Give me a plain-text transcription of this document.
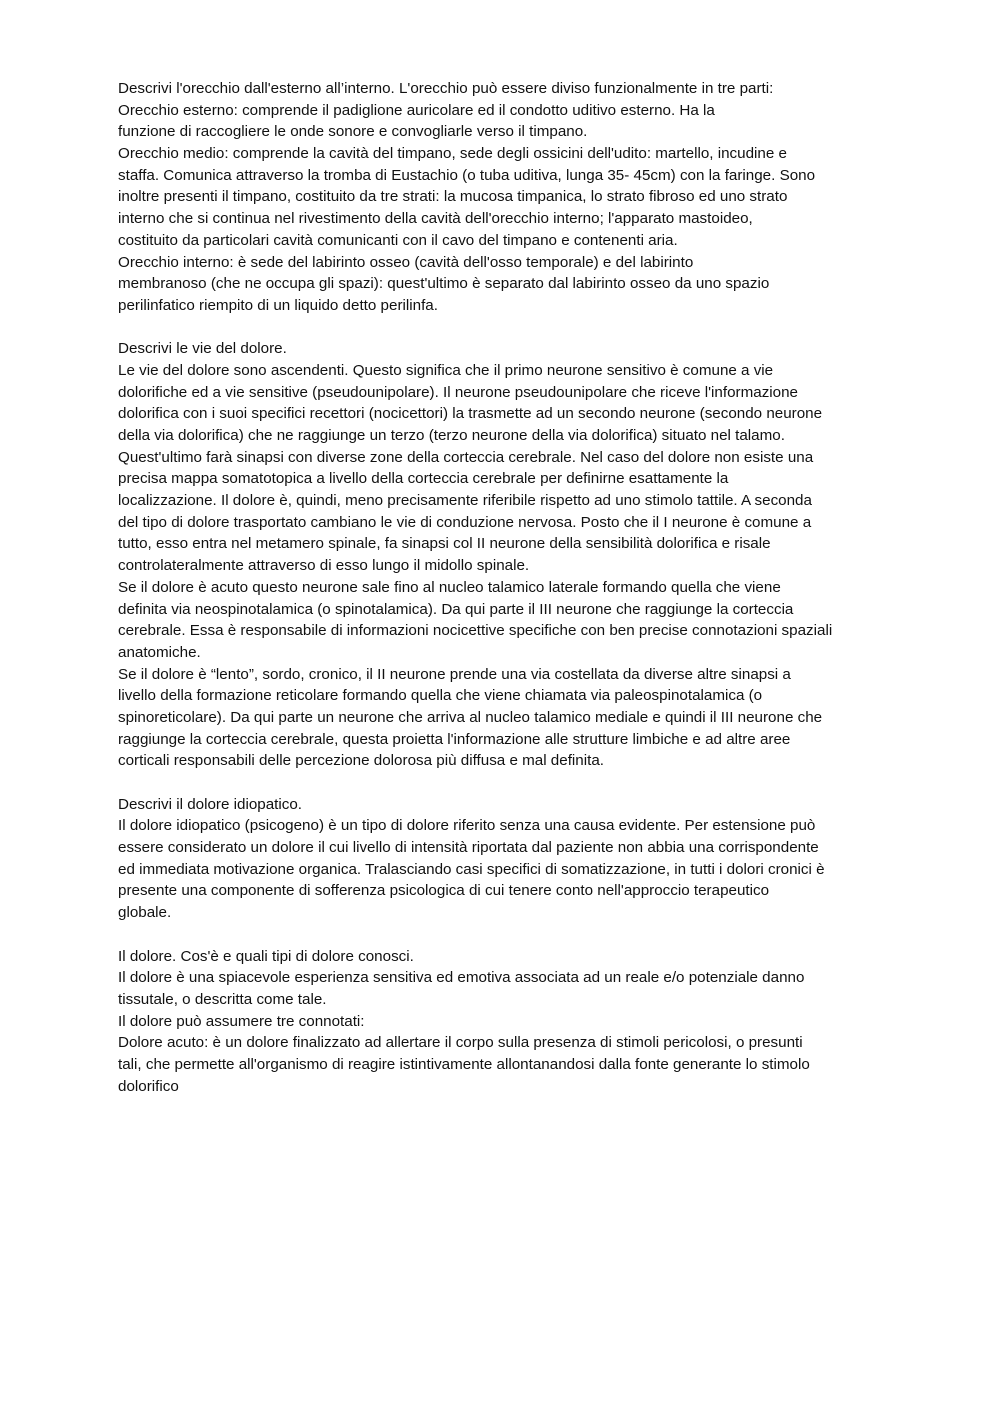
Descrivi l'orecchio dall'esterno all’interno. L'orecchio può essere diviso funzionalmente in tre parti:
Orecchio esterno: comprende il padiglione auricolare ed il condotto uditivo esterno. Ha la
funzione di raccogliere le onde sonore e convogliarle verso il timpano.
Orecchio medio: comprende la cavità del timpano, sede degli ossicini dell'udito: martello, incudine e
staffa. Comunica attraverso la tromba di Eustachio (o tuba uditiva, lunga 35- 45cm) con la faringe. Sono
inoltre presenti il timpano, costituito da tre strati: la mucosa timpanica, lo strato fibroso ed uno strato
interno che si continua nel rivestimento della cavità dell'orecchio interno; l'apparato mastoideo,
costituito da particolari cavità comunicanti con il cavo del timpano e contenenti aria.
Orecchio interno: è sede del labirinto osseo (cavità dell'osso temporale) e del labirinto
membranoso (che ne occupa gli spazi): quest'ultimo è separato dal labirinto osseo da uno spazio
perilinfatico riempito di un liquido detto perilinfa.
Descrivi le vie del dolore.
Le vie del dolore sono ascendenti. Questo significa che il primo neurone sensitivo è comune a vie
dolorifiche ed a vie sensitive (pseudounipolare). Il neurone pseudounipolare che riceve l'informazione
dolorifica con i suoi specifici recettori (nocicettori) la trasmette ad un secondo neurone (secondo neurone
della via dolorifica) che ne raggiunge un terzo (terzo neurone della via dolorifica) situato nel talamo.
Quest'ultimo farà sinapsi con diverse zone della corteccia cerebrale. Nel caso del dolore non esiste una
precisa mappa somatotopica a livello della corteccia cerebrale per definirne esattamente la
localizzazione. Il dolore è, quindi, meno precisamente riferibile rispetto ad uno stimolo tattile. A seconda
del tipo di dolore trasportato cambiano le vie di conduzione nervosa. Posto che il I neurone è comune a
tutto, esso entra nel metamero spinale, fa sinapsi col II neurone della sensibilità dolorifica e risale
controlateralmente attraverso di esso lungo il midollo spinale.
Se il dolore è acuto questo neurone sale fino al nucleo talamico laterale formando quella che viene
definita via neospinotalamica (o spinotalamica). Da qui parte il III neurone che raggiunge la corteccia
cerebrale. Essa è responsabile di informazioni nocicettive specifiche con ben precise connotazioni spaziali
anatomiche.
Se il dolore è “lento”, sordo, cronico, il II neurone prende una via costellata da diverse altre sinapsi a
livello della formazione reticolare formando quella che viene chiamata via paleospinotalamica (o
spinoreticolare). Da qui parte un neurone che arriva al nucleo talamico mediale e quindi il III neurone che
raggiunge la corteccia cerebrale, questa proietta l'informazione alle strutture limbiche e ad altre aree
corticali responsabili delle percezione dolorosa più diffusa e mal definita.
Descrivi il dolore idiopatico.
Il dolore idiopatico (psicogeno) è un tipo di dolore riferito senza una causa evidente. Per estensione può
essere considerato un dolore il cui livello di intensità riportata dal paziente non abbia una corrispondente
ed immediata motivazione organica. Tralasciando casi specifici di somatizzazione, in tutti i dolori cronici è
presente una componente di sofferenza psicologica di cui tenere conto nell'approccio terapeutico
globale.
Il dolore. Cos'è e quali tipi di dolore conosci.
Il dolore è una spiacevole esperienza sensitiva ed emotiva associata ad un reale e/o potenziale danno
tissutale, o descritta come tale.
Il dolore può assumere tre connotati:
Dolore acuto: è un dolore finalizzato ad allertare il corpo sulla presenza di stimoli pericolosi, o presunti
tali, che permette all'organismo di reagire istintivamente allontanandosi dalla fonte generante lo stimolo
dolorifico
